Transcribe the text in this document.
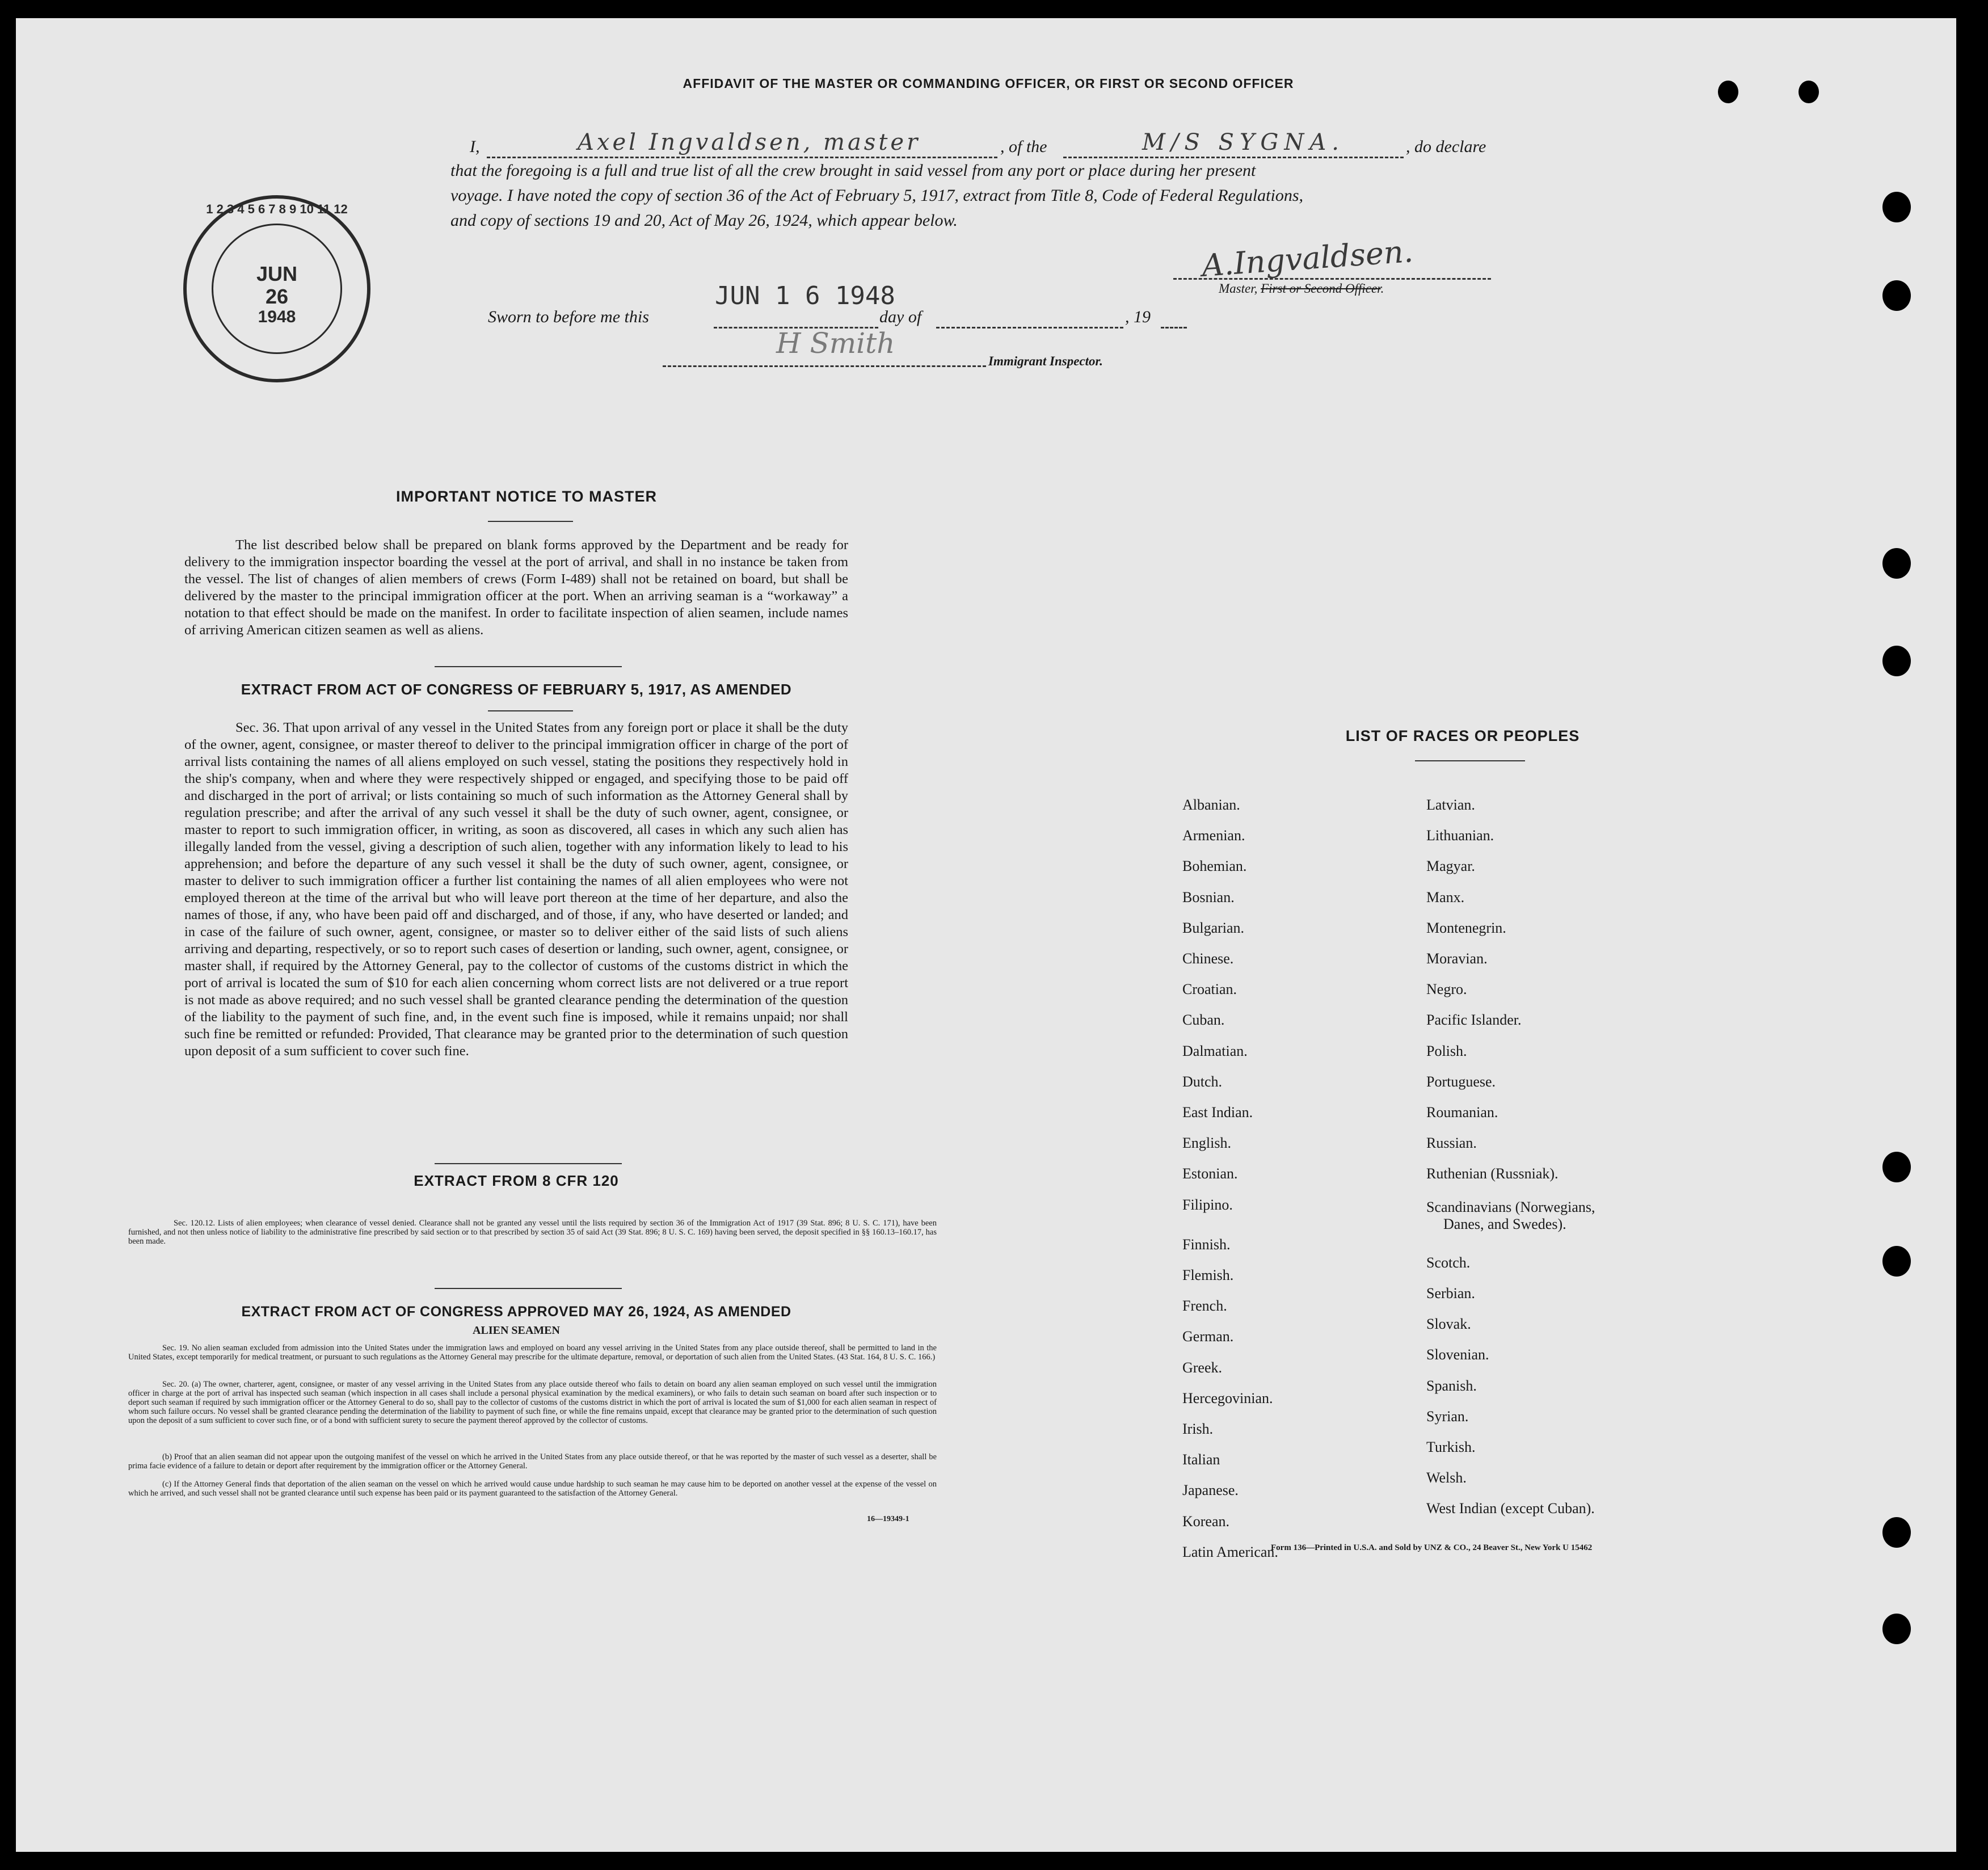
AFFIDAVIT OF THE MASTER OR COMMANDING OFFICER, OR FIRST OR SECOND OFFICER
I,	Axel Ingvaldsen, master	, of the	M/S SYGNA.	, do declare
that the foregoing is a full and true list of all the crew brought in said vessel from any port or place during her present
voyage. I have noted the copy of section 36 of the Act of February 5, 1917, extract from Title 8, Code of Federal Regulations,
and copy of sections 19 and 20, Act of May 26, 1924, which appear below.
A.Ingvaldsen.
Master, First or Second Officer.
Sworn to before me this
JUN 1 6 1948
day of	, 19
H Smith
Immigrant Inspector.
1 2 3 4 5 6 7 8 9 10 11 12
JUN
26
1948
IMPORTANT NOTICE TO MASTER
The list described below shall be prepared on blank forms approved by the Department and be ready for delivery to the immigration inspector boarding the vessel at the port of arrival, and shall in no instance be taken from the vessel. The list of changes of alien members of crews (Form I-489) shall not be retained on board, but shall be delivered by the master to the principal immigration officer at the port. When an arriving seaman is a “workaway” a notation to that effect should be made on the manifest. In order to facilitate inspection of alien seamen, include names of arriving American citizen seamen as well as aliens.
EXTRACT FROM ACT OF CONGRESS OF FEBRUARY 5, 1917, AS AMENDED
Sec. 36. That upon arrival of any vessel in the United States from any foreign port or place it shall be the duty of the owner, agent, consignee, or master thereof to deliver to the principal immigration officer in charge of the port of arrival lists containing the names of all aliens employed on such vessel, stating the positions they respectively hold in the ship's company, when and where they were respectively shipped or engaged, and specifying those to be paid off and discharged in the port of arrival; or lists containing so much of such information as the Attorney General shall by regulation prescribe; and after the arrival of any such vessel it shall be the duty of such owner, agent, consignee, or master to report to such immigration officer, in writing, as soon as discovered, all cases in which any such alien has illegally landed from the vessel, giving a description of such alien, together with any information likely to lead to his apprehension; and before the departure of any such vessel it shall be the duty of such owner, agent, consignee, or master to deliver to such immigration officer a further list containing the names of all alien employees who were not employed thereon at the time of the arrival but who will leave port thereon at the time of her departure, and also the names of those, if any, who have been paid off and discharged, and of those, if any, who have deserted or landed; and in case of the failure of such owner, agent, consignee, or master so to deliver either of the said lists of such aliens arriving and departing, respectively, or so to report such cases of desertion or landing, such owner, agent, consignee, or master shall, if required by the Attorney General, pay to the collector of customs of the customs district in which the port of arrival is located the sum of $10 for each alien concerning whom correct lists are not delivered or a true report is not made as above required; and no such vessel shall be granted clearance pending the determination of the question of the liability to the payment of such fine, and, in the event such fine is imposed, while it remains unpaid; nor shall such fine be remitted or refunded: Provided, That clearance may be granted prior to the determination of such question upon deposit of a sum sufficient to cover such fine.
EXTRACT FROM 8 CFR 120
Sec. 120.12. Lists of alien employees; when clearance of vessel denied. Clearance shall not be granted any vessel until the lists required by section 36 of the Immigration Act of 1917 (39 Stat. 896; 8 U. S. C. 171), have been furnished, and not then unless notice of liability to the administrative fine prescribed by said section or to that prescribed by section 35 of said Act (39 Stat. 896; 8 U. S. C. 169) having been served, the deposit specified in §§ 160.13–160.17, has been made.
EXTRACT FROM ACT OF CONGRESS APPROVED MAY 26, 1924, AS AMENDED
ALIEN SEAMEN
Sec. 19. No alien seaman excluded from admission into the United States under the immigration laws and employed on board any vessel arriving in the United States from any place outside thereof, shall be permitted to land in the United States, except temporarily for medical treatment, or pursuant to such regulations as the Attorney General may prescribe for the ultimate departure, removal, or deportation of such alien from the United States. (43 Stat. 164, 8 U. S. C. 166.)
Sec. 20. (a) The owner, charterer, agent, consignee, or master of any vessel arriving in the United States from any place outside thereof who fails to detain on board any alien seaman employed on such vessel until the immigration officer in charge at the port of arrival has inspected such seaman (which inspection in all cases shall include a personal physical examination by the medical examiners), or who fails to detain such seaman on board after such inspection or to deport such seaman if required by such immigration officer or the Attorney General to do so, shall pay to the collector of customs of the customs district in which the port of arrival is located the sum of $1,000 for each alien seaman in respect of whom such failure occurs. No vessel shall be granted clearance pending the determination of the liability to payment of such fine, or while the fine remains unpaid, except that clearance may be granted prior to the determination of such question upon the deposit of a sum sufficient to cover such fine, or of a bond with sufficient surety to secure the payment thereof approved by the collector of customs.
(b) Proof that an alien seaman did not appear upon the outgoing manifest of the vessel on which he arrived in the United States from any place outside thereof, or that he was reported by the master of such vessel as a deserter, shall be prima facie evidence of a failure to detain or deport after requirement by the immigration officer or the Attorney General.
(c) If the Attorney General finds that deportation of the alien seaman on the vessel on which he arrived would cause undue hardship to such seaman he may cause him to be deported on another vessel at the expense of the vessel on which he arrived, and such vessel shall not be granted clearance until such expense has been paid or its payment guaranteed to the satisfaction of the Attorney General.
16—19349-1
LIST OF RACES OR PEOPLES
Form 136—Printed in U.S.A. and Sold by UNZ & CO., 24 Beaver St., New York U 15462
Albanian.
Armenian.
Bohemian.
Bosnian.
Bulgarian.
Chinese.
Croatian.
Cuban.
Dalmatian.
Dutch.
East Indian.
English.
Estonian.
Filipino.
Finnish.
Flemish.
French.
German.
Greek.
Hercegovinian.
Irish.
Italian
Japanese.
Korean.
Latin American.
Latvian.
Lithuanian.
Magyar.
Manx.
Montenegrin.
Moravian.
Negro.
Pacific Islander.
Polish.
Portuguese.
Roumanian.
Russian.
Ruthenian (Russniak).
Scandinavians (Norwegians,
Danes, and Swedes).
Scotch.
Serbian.
Slovak.
Slovenian.
Spanish.
Syrian.
Turkish.
Welsh.
West Indian (except Cuban).
